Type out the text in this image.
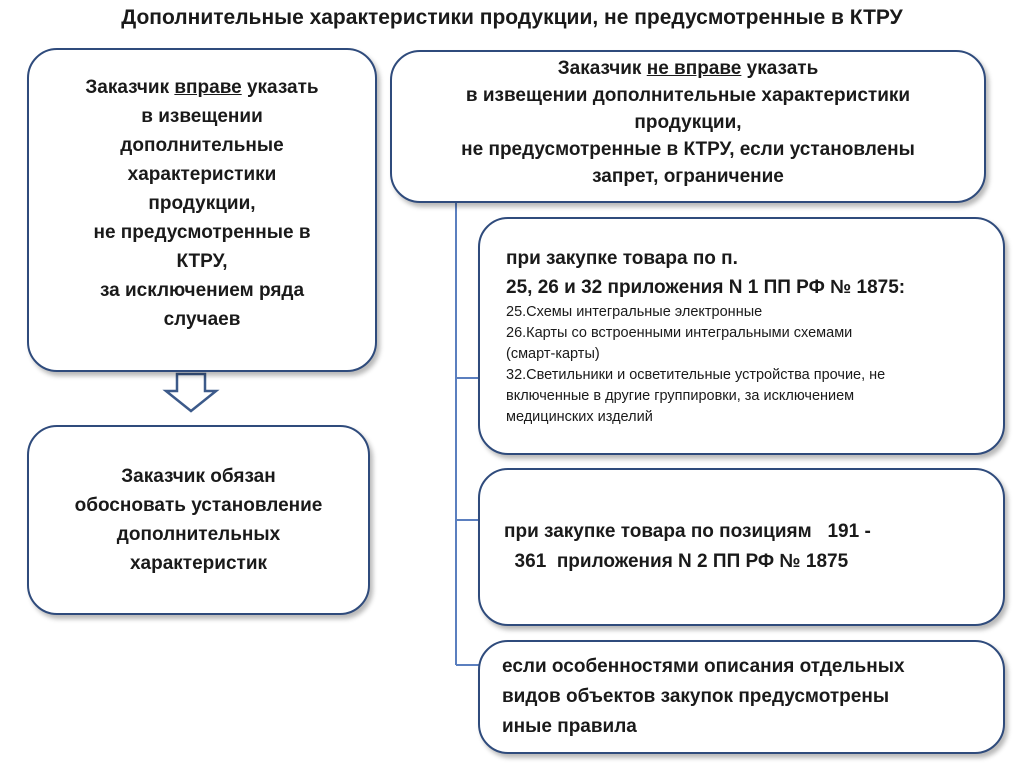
Дополнительные характеристики продукции, не предусмотренные в КТРУ
Заказчик вправе указать
в извещении
дополнительные
характеристики
продукции,
не предусмотренные в
КТРУ,
за исключением ряда
случаев
Заказчик обязан
обосновать установление
дополнительных
характеристик
Заказчик не вправе указать
в извещении дополнительные характеристики
продукции,
не предусмотренные в КТРУ, если установлены
запрет, ограничение
при закупке товара по п.
25, 26 и 32 приложения N 1 ПП РФ № 1875:
25.Схемы интегральные электронные
26.Карты со встроенными интегральными схемами
(смарт-карты)
32.Светильники и осветительные устройства прочие, не
включенные в другие группировки, за исключением
медицинских изделий
при закупке товара по позициям   191 -
361  приложения N 2 ПП РФ № 1875
если особенностями описания отдельных
видов объектов закупок предусмотрены
иные правила
